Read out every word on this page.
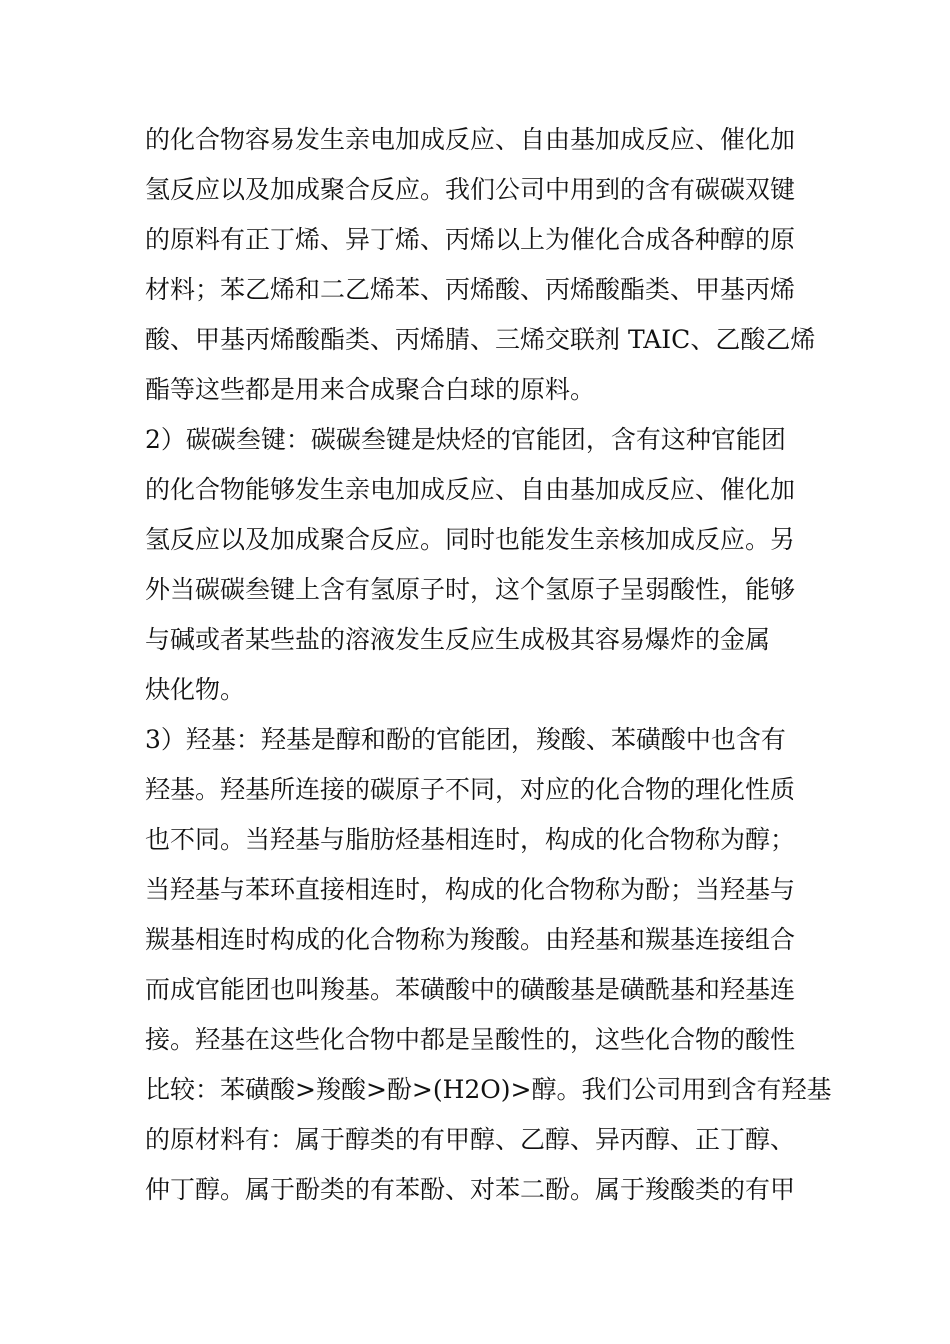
的化合物容易发生亲电加成反应、自由基加成反应、催化加
氢反应以及加成聚合反应。我们公司中用到的含有碳碳双键
的原料有正丁烯、异丁烯、丙烯以上为催化合成各种醇的原
材料；苯乙烯和二乙烯苯、丙烯酸、丙烯酸酯类、甲基丙烯
酸、甲基丙烯酸酯类、丙烯腈、三烯交联剂 TAIC、乙酸乙烯
酯等这些都是用来合成聚合白球的原料。
2）碳碳叁键：碳碳叁键是炔烃的官能团，含有这种官能团
的化合物能够发生亲电加成反应、自由基加成反应、催化加
氢反应以及加成聚合反应。同时也能发生亲核加成反应。另
外当碳碳叁键上含有氢原子时，这个氢原子呈弱酸性，能够
与碱或者某些盐的溶液发生反应生成极其容易爆炸的金属
炔化物。
3）羟基：羟基是醇和酚的官能团，羧酸、苯磺酸中也含有
羟基。羟基所连接的碳原子不同，对应的化合物的理化性质
也不同。当羟基与脂肪烃基相连时，构成的化合物称为醇；
当羟基与苯环直接相连时，构成的化合物称为酚；当羟基与
羰基相连时构成的化合物称为羧酸。由羟基和羰基连接组合
而成官能团也叫羧基。苯磺酸中的磺酸基是磺酰基和羟基连
接。羟基在这些化合物中都是呈酸性的，这些化合物的酸性
比较：苯磺酸>羧酸>酚>(H2O)>醇。我们公司用到含有羟基
的原材料有：属于醇类的有甲醇、乙醇、异丙醇、正丁醇、
仲丁醇。属于酚类的有苯酚、对苯二酚。属于羧酸类的有甲
